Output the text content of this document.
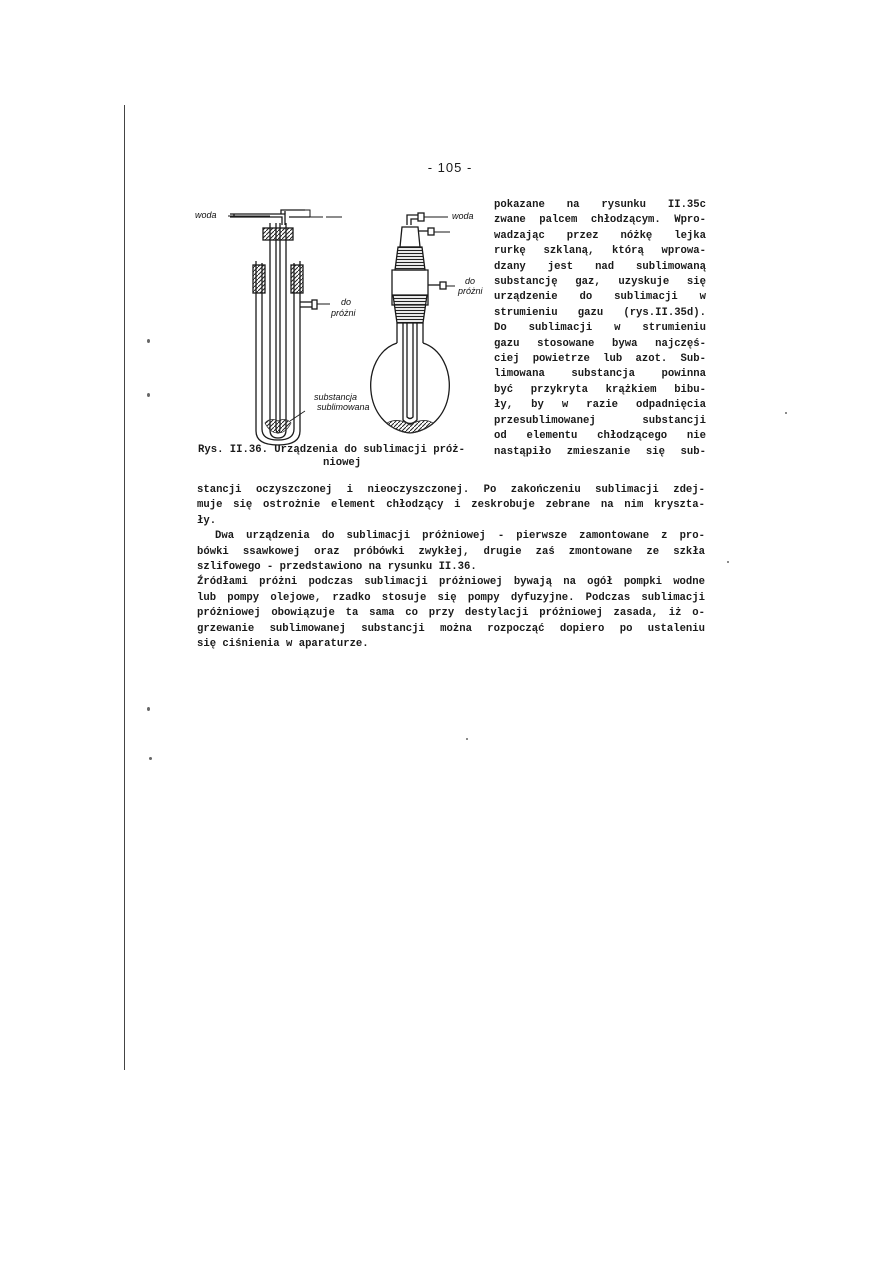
- 105 -
woda
do
próżni
substancja
sublimowana
woda
do
próżni
Rys. II.36. Urządzenia do sublimacji próż-
niowej
pokazane na rysunku II.35c
zwane palcem chłodzącym. Wpro-
wadzając przez nóżkę lejka
rurkę szklaną, którą wprowa-
dzany jest nad sublimowaną
substancję gaz, uzyskuje się
urządzenie do sublimacji w
strumieniu gazu (rys.II.35d).
Do sublimacji w strumieniu
gazu stosowane bywa najczęś-
ciej powietrze lub azot. Sub-
limowana substancja powinna
być przykryta krążkiem bibu-
ły, by w razie odpadnięcia
przesublimowanej substancji
od elementu chłodzącego nie
nastąpiło zmieszanie się sub-
stancji oczyszczonej i nieoczyszczonej. Po zakończeniu sublimacji zdej-
muje się ostrożnie element chłodzący i zeskrobuje zebrane na nim kryszta-
ły.
Dwa urządzenia do sublimacji próżniowej - pierwsze zamontowane z pro-
bówki ssawkowej oraz próbówki zwykłej, drugie zaś zmontowane ze szkła
szlifowego - przedstawiono na rysunku II.36.
Źródłami próżni podczas sublimacji próżniowej bywają na ogół pompki wodne
lub pompy olejowe, rzadko stosuje się pompy dyfuzyjne. Podczas sublimacji
próżniowej obowiązuje ta sama co przy destylacji próżniowej zasada, iż o-
grzewanie sublimowanej substancji można rozpocząć dopiero po ustaleniu
się ciśnienia w aparaturze.
